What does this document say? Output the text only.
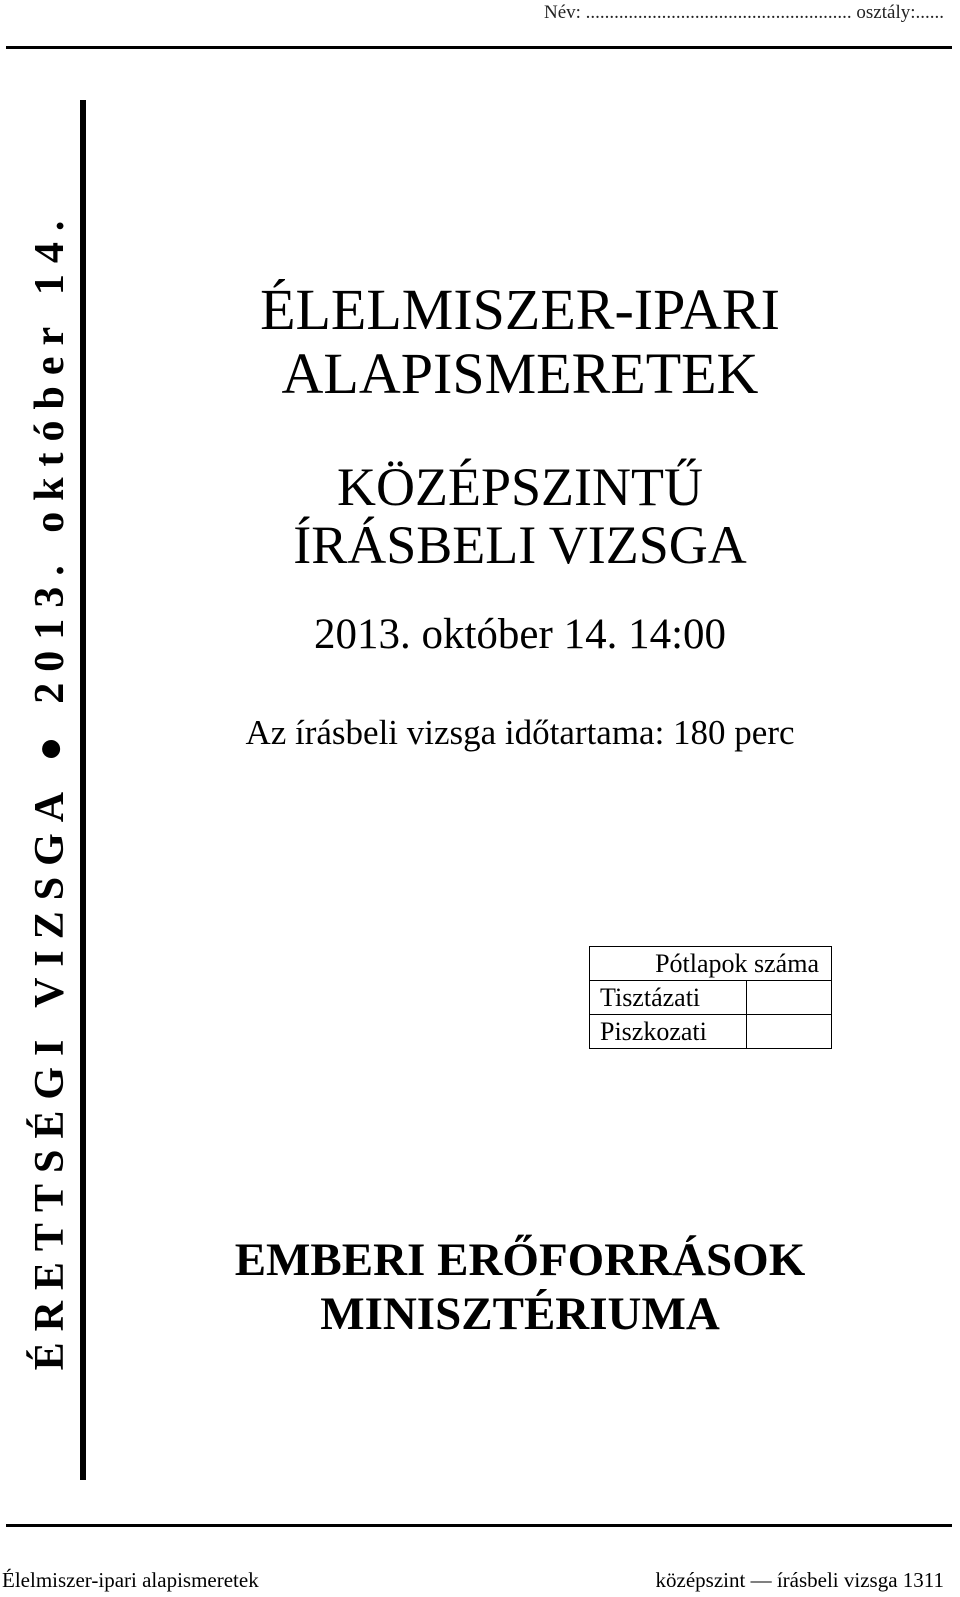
Név: ........................................................ osztály:......
ÉRETTSÉGI VIZSGA ● 2013. október 14.	ÉLELMISZER-IPARI
ALAPISMERETEK
KÖZÉPSZINTŰ
ÍRÁSBELI VIZSGA
2013. október 14. 14:00
Az írásbeli vizsga időtartama: 180 perc
Pótlapok száma	
Tisztázati	
Piszkozati	
EMBERI ERŐFORRÁSOK
MINISZTÉRIUMA
Élelmiszer-ipari alapismeretek	középszint — írásbeli vizsga 1311
